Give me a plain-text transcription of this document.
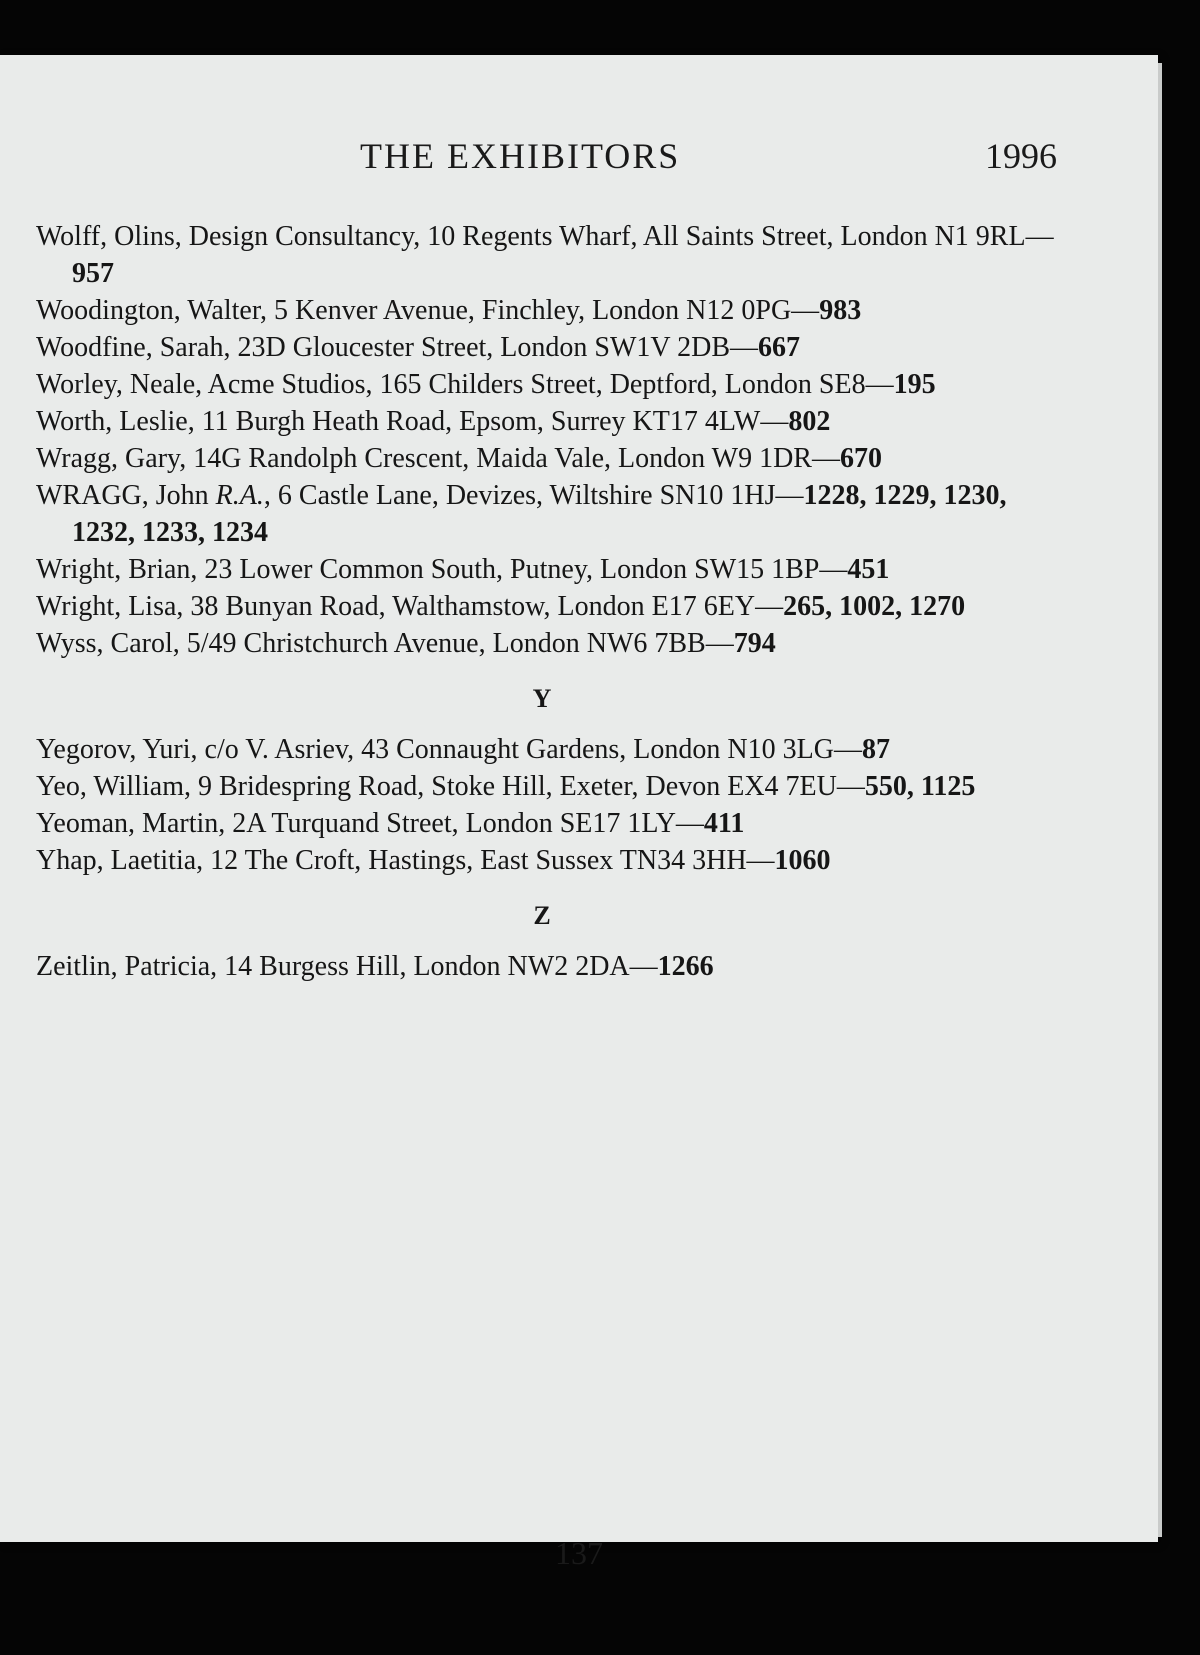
THE EXHIBITORS	1996

Wolff, Olins, Design Consultancy, 10 Regents Wharf, All Saints Street, London N1 9RL—957

Woodington, Walter, 5 Kenver Avenue, Finchley, London N12 0PG—983

Woodfine, Sarah, 23D Gloucester Street, London SW1V 2DB—667

Worley, Neale, Acme Studios, 165 Childers Street, Deptford, London SE8—195

Worth, Leslie, 11 Burgh Heath Road, Epsom, Surrey KT17 4LW—802

Wragg, Gary, 14G Randolph Crescent, Maida Vale, London W9 1DR—670

WRAGG, John R.A., 6 Castle Lane, Devizes, Wiltshire SN10 1HJ—1228, 1229, 1230, 1232, 1233, 1234

Wright, Brian, 23 Lower Common South, Putney, London SW15 1BP—451

Wright, Lisa, 38 Bunyan Road, Walthamstow, London E17 6EY—265, 1002, 1270

Wyss, Carol, 5/49 Christchurch Avenue, London NW6 7BB—794

Y

Yegorov, Yuri, c/o V. Asriev, 43 Connaught Gardens, London N10 3LG—87

Yeo, William, 9 Bridespring Road, Stoke Hill, Exeter, Devon EX4 7EU—550, 1125

Yeoman, Martin, 2A Turquand Street, London SE17 1LY—411

Yhap, Laetitia, 12 The Croft, Hastings, East Sussex TN34 3HH—1060

Z

Zeitlin, Patricia, 14 Burgess Hill, London NW2 2DA—1266

137
